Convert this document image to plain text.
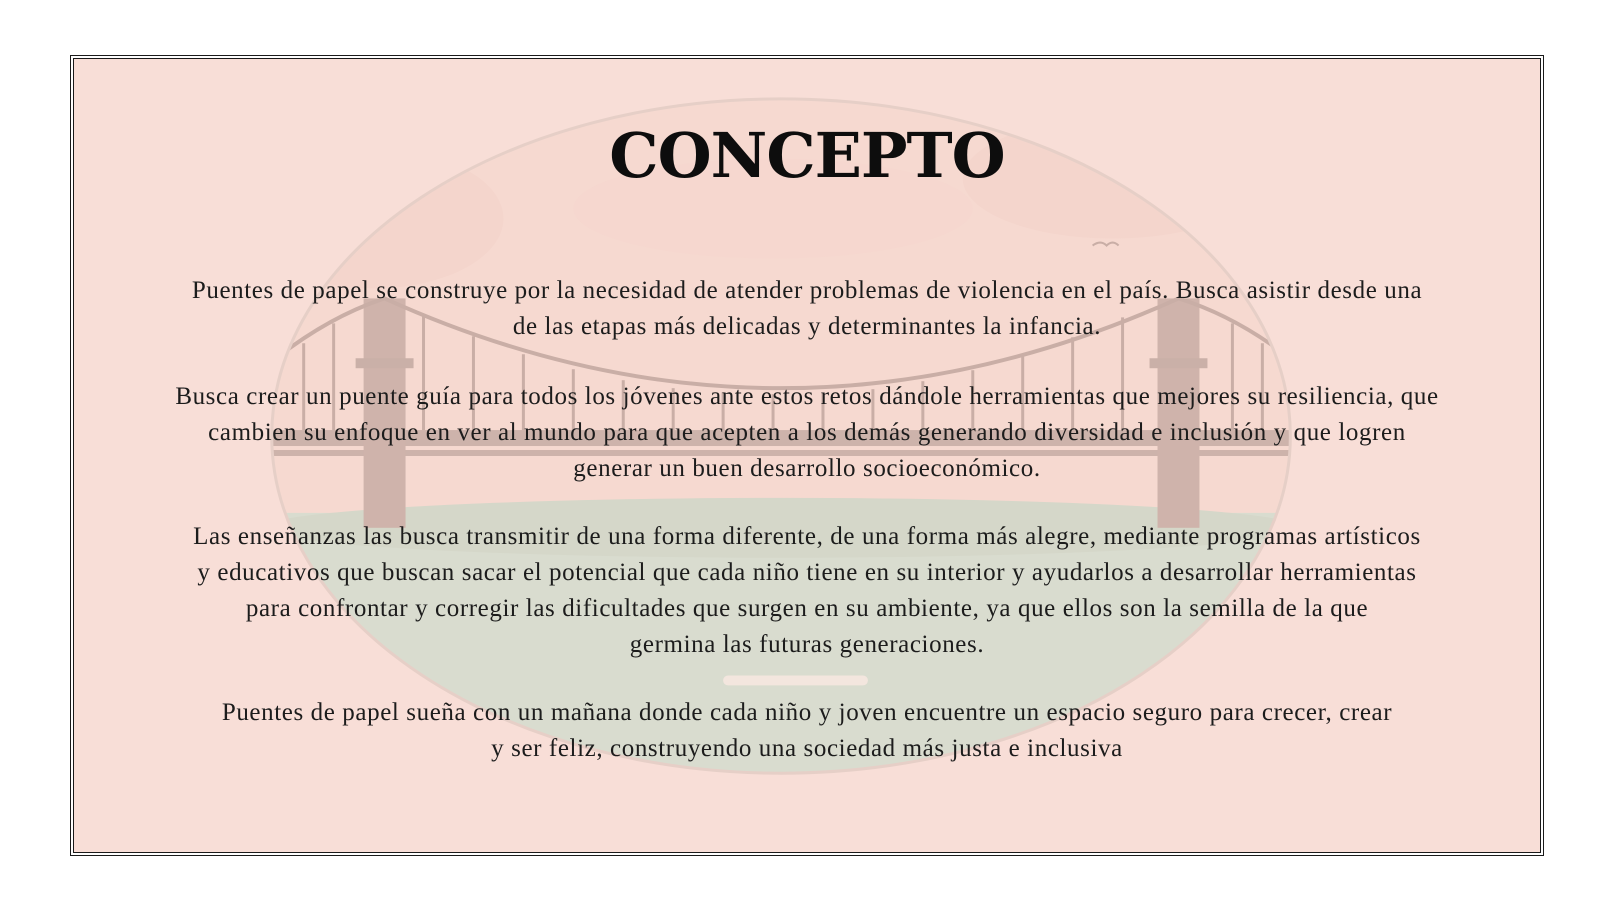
CONCEPTO
Puentes de papel se construye por la necesidad de atender problemas de violencia en el país. Busca asistir desde una
de las etapas más delicadas y determinantes la infancia.
Busca crear un puente guía para todos los jóvenes ante estos retos dándole herramientas que mejores su resiliencia, que
cambien su enfoque en ver al mundo para que acepten a los demás generando diversidad e inclusión y que logren
generar un buen desarrollo socioeconómico.
Las enseñanzas las busca transmitir de una forma diferente, de una forma más alegre, mediante programas artísticos
y educativos que buscan sacar el potencial que cada niño tiene en su interior y ayudarlos a desarrollar herramientas
para confrontar y corregir las dificultades que surgen en su ambiente, ya que ellos son la semilla de la que
germina las futuras generaciones.
Puentes de papel sueña con un mañana donde cada niño y joven encuentre un espacio seguro para crecer, crear
y ser feliz, construyendo una sociedad más justa e inclusiva
